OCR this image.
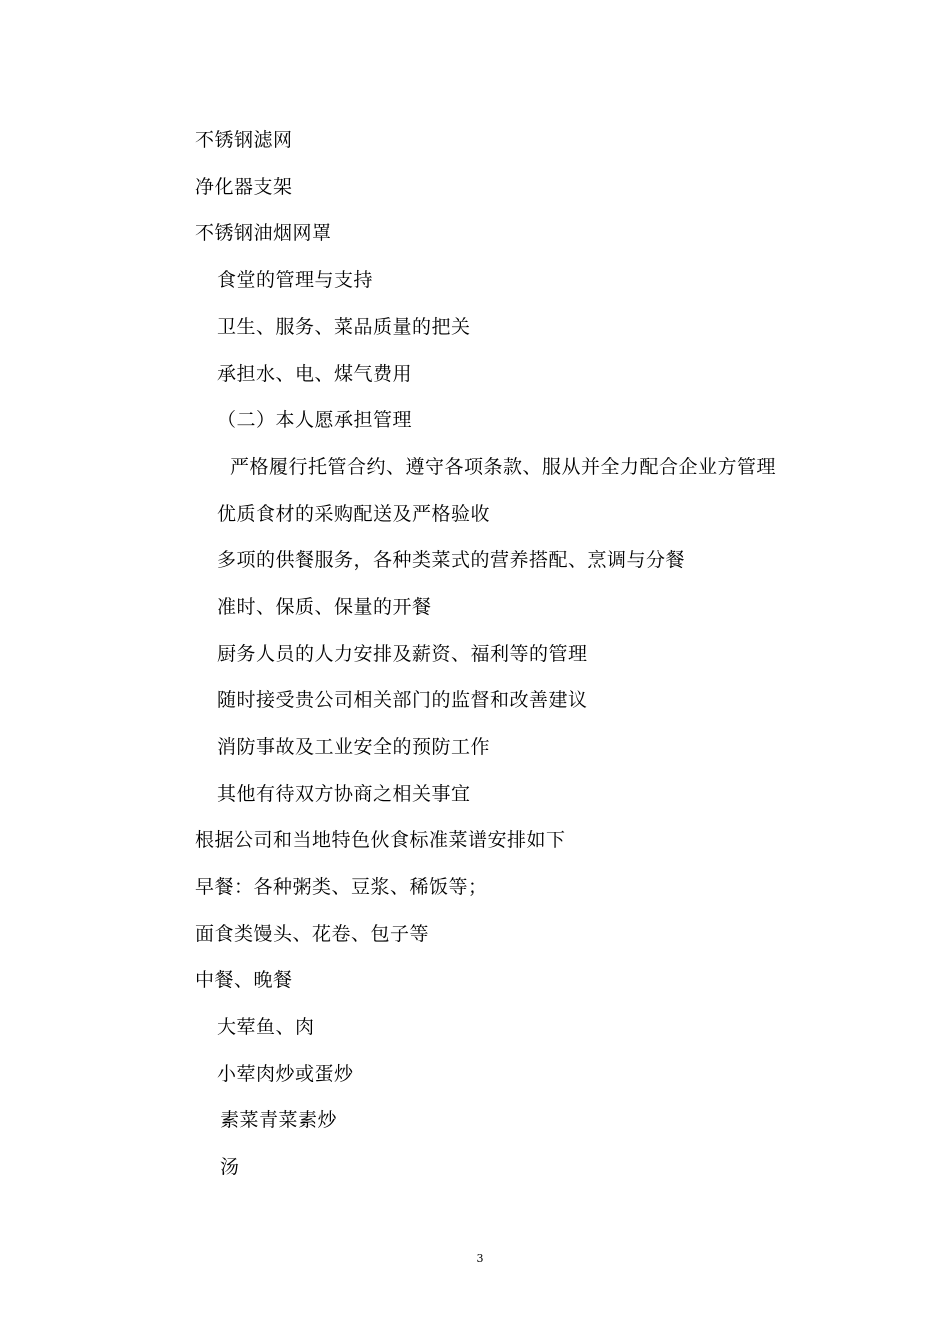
不锈钢滤网
净化器支架
不锈钢油烟网罩
食堂的管理与支持
卫生、服务、菜品质量的把关
承担水、电、煤气费用
（二）本人愿承担管理
严格履行托管合约、遵守各项条款、服从并全力配合企业方管理
优质食材的采购配送及严格验收
多项的供餐服务，各种类菜式的营养搭配、烹调与分餐
准时、保质、保量的开餐
厨务人员的人力安排及薪资、福利等的管理
随时接受贵公司相关部门的监督和改善建议
消防事故及工业安全的预防工作
其他有待双方协商之相关事宜
根据公司和当地特色伙食标准菜谱安排如下
早餐：各种粥类、豆浆、稀饭等；
面食类馒头、花卷、包子等
中餐、晚餐
大荤鱼、肉
小荤肉炒或蛋炒
素菜青菜素炒
汤
3
